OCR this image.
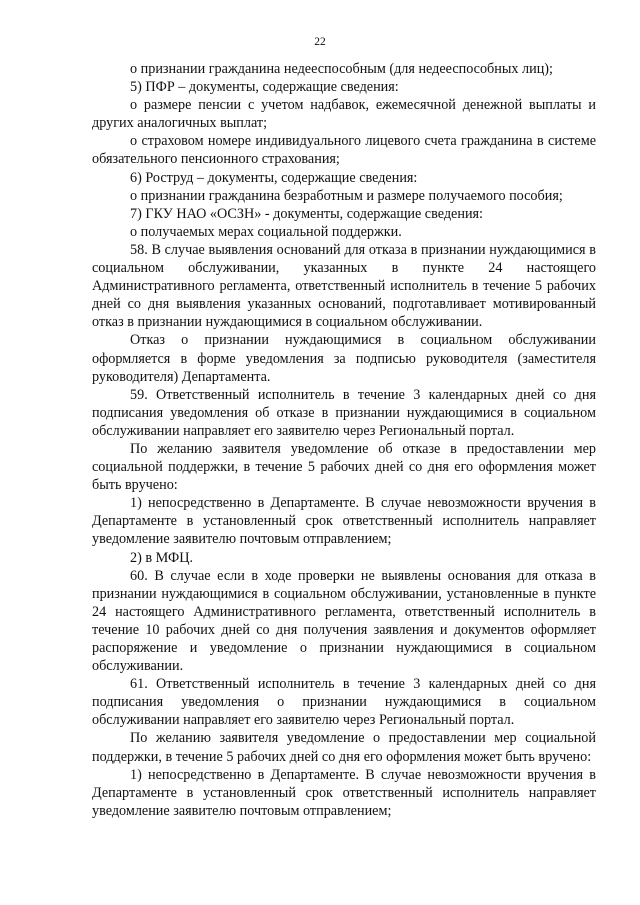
22

о признании гражданина недееспособным (для недееспособных лиц);

5) ПФР – документы, содержащие сведения:

о размере пенсии с учетом надбавок, ежемесячной денежной выплаты и других аналогичных выплат;

о страховом номере индивидуального лицевого счета гражданина в системе обязательного пенсионного страхования;

6) Роструд – документы, содержащие сведения:

о признании гражданина безработным и размере получаемого пособия;

7) ГКУ НАО «ОСЗН» - документы, содержащие сведения:

о получаемых мерах социальной поддержки.

58. В случае выявления оснований для отказа в признании нуждающимися в социальном обслуживании, указанных в пункте 24 настоящего Административного регламента, ответственный исполнитель в течение 5 рабочих дней со дня выявления указанных оснований, подготавливает мотивированный отказ в признании нуждающимися в социальном обслуживании.

Отказ о признании нуждающимися в социальном обслуживании оформляется в форме уведомления за подписью руководителя (заместителя руководителя) Департамента.

59. Ответственный исполнитель в течение 3 календарных дней со дня подписания уведомления об отказе в признании нуждающимися в социальном обслуживании направляет его заявителю через Региональный портал.

По желанию заявителя уведомление об отказе в предоставлении мер социальной поддержки, в течение 5 рабочих дней со дня его оформления может быть вручено:

1) непосредственно в Департаменте. В случае невозможности вручения в Департаменте в установленный срок ответственный исполнитель направляет уведомление заявителю почтовым отправлением;

2) в МФЦ.

60. В случае если в ходе проверки не выявлены основания для отказа в признании нуждающимися в социальном обслуживании, установленные в пункте 24 настоящего Административного регламента, ответственный исполнитель в течение 10 рабочих дней со дня получения заявления и документов оформляет распоряжение и уведомление о признании нуждающимися в социальном обслуживании.

61. Ответственный исполнитель в течение 3 календарных дней со дня подписания уведомления о признании нуждающимися в социальном обслуживании направляет его заявителю через Региональный портал.

По желанию заявителя уведомление о предоставлении мер социальной поддержки, в течение 5 рабочих дней со дня его оформления может быть вручено:

1) непосредственно в Департаменте. В случае невозможности вручения в Департаменте в установленный срок ответственный исполнитель направляет уведомление заявителю почтовым отправлением;
